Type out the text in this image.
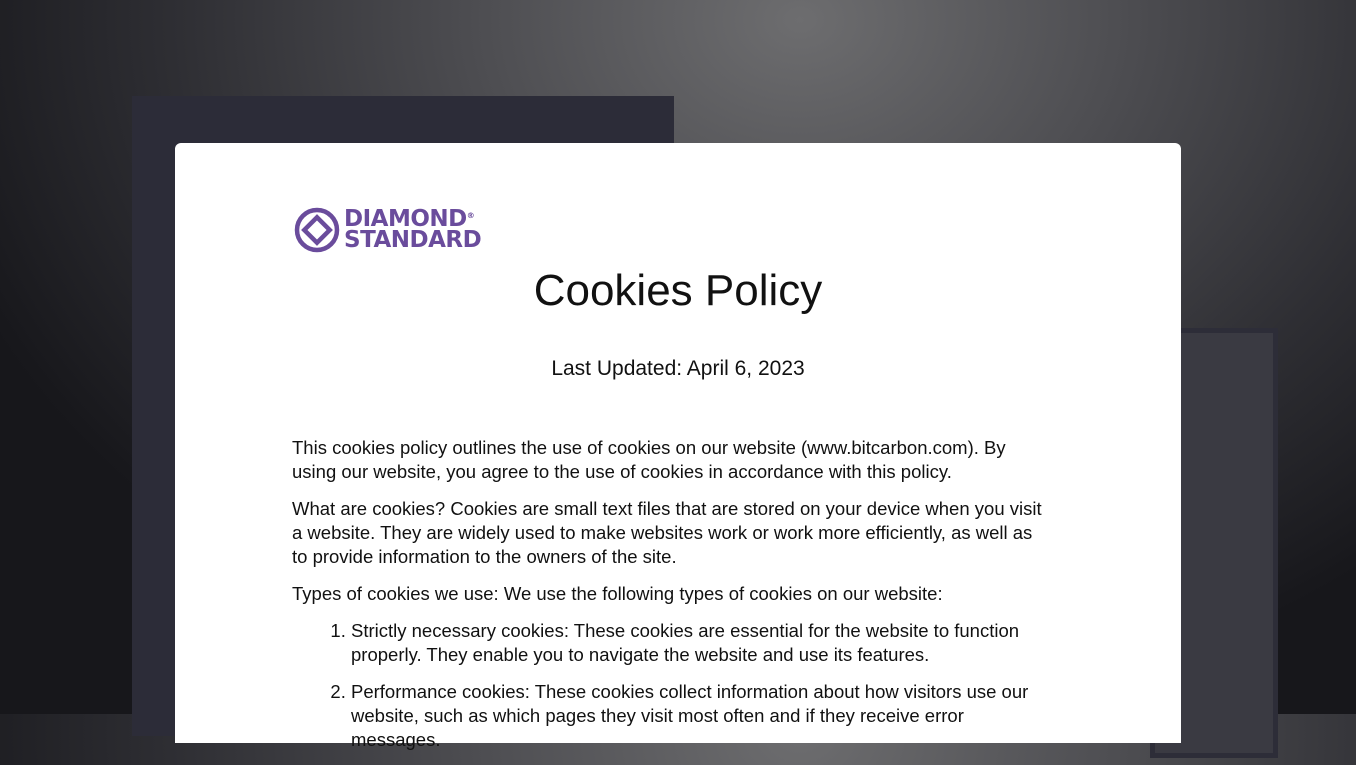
DIAMOND®
STANDARD
Cookies Policy
Last Updated: April 6, 2023

This cookies policy outlines the use of cookies on our website (www.bitcarbon.com). By using our website, you agree to the use of cookies in accordance with this policy.

What are cookies? Cookies are small text files that are stored on your device when you visit a website. They are widely used to make websites work or work more efficiently, as well as to provide information to the owners of the site.

Types of cookies we use: We use the following types of cookies on our website:

1. Strictly necessary cookies: These cookies are essential for the website to function properly. They enable you to navigate the website and use its features.
2. Performance cookies: These cookies collect information about how visitors use our website, such as which pages they visit most often and if they receive error messages.
